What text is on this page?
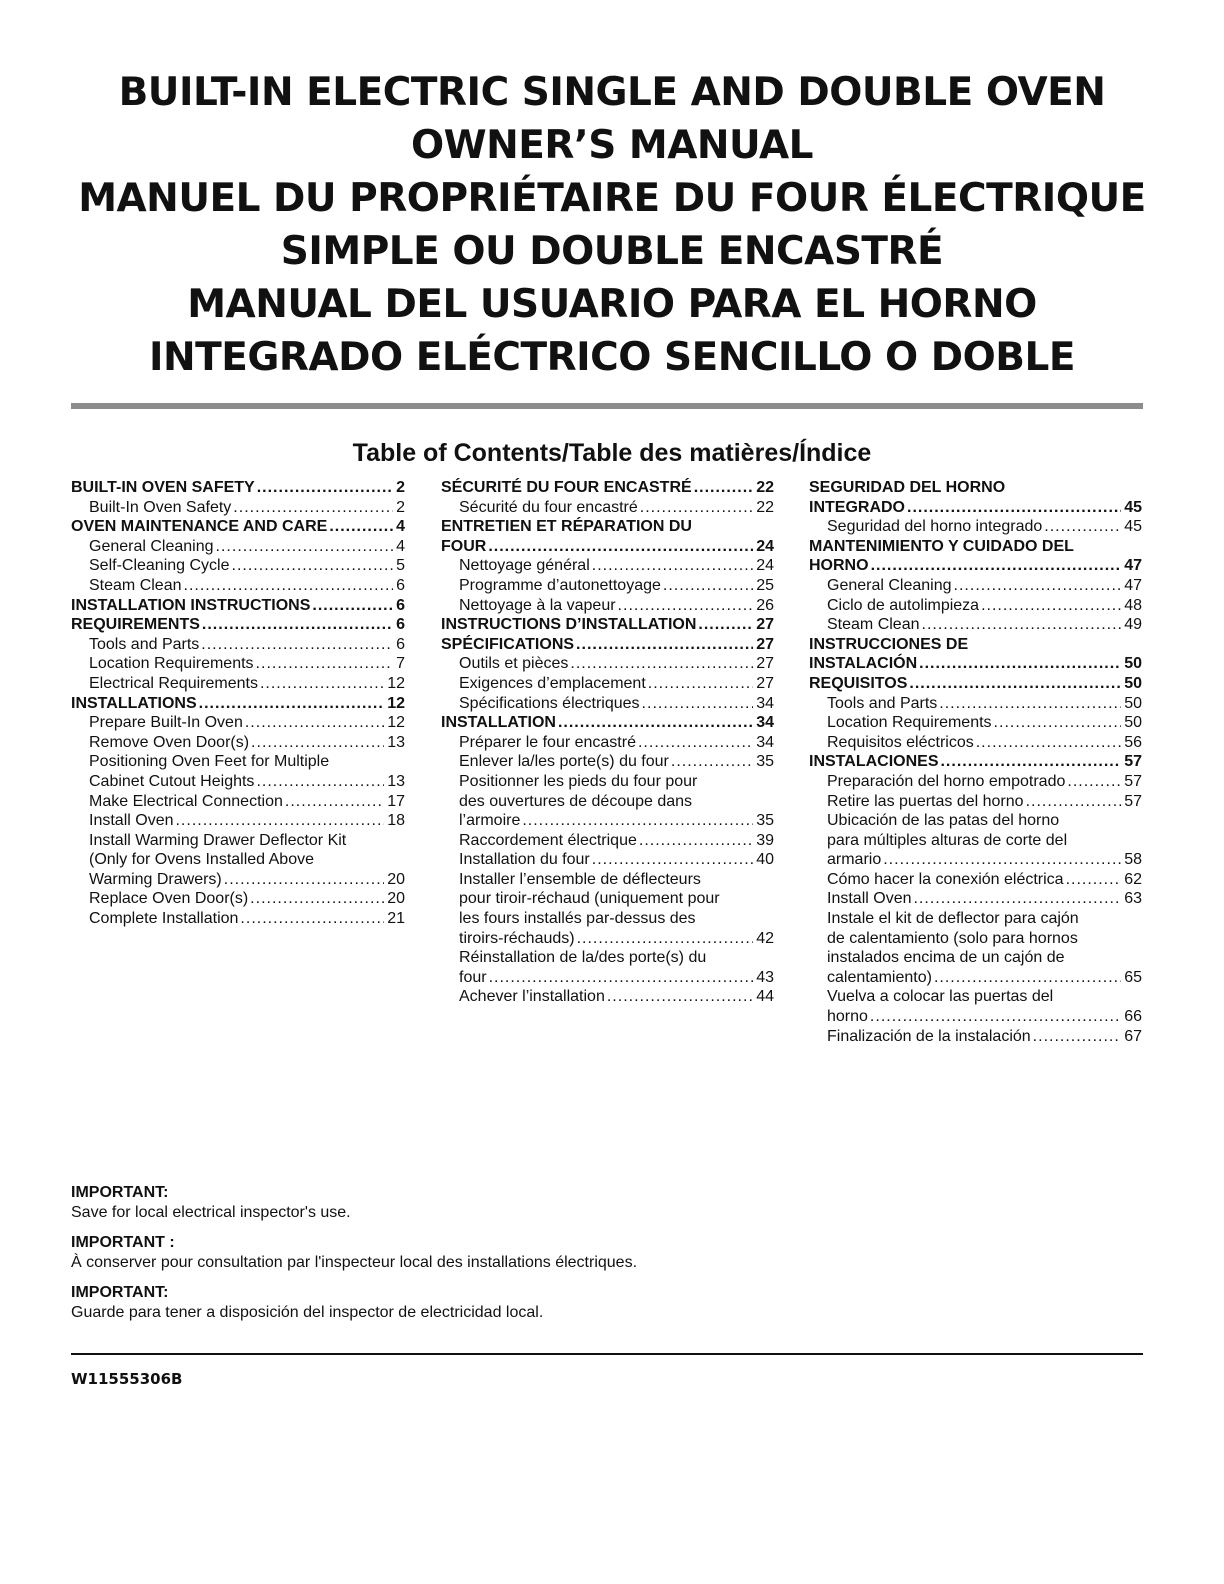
BUILT-IN ELECTRIC SINGLE AND DOUBLE OVEN
OWNER’S MANUAL
MANUEL DU PROPRIÉTAIRE DU FOUR ÉLECTRIQUE
SIMPLE OU DOUBLE ENCASTRÉ
MANUAL DEL USUARIO PARA EL HORNO
INTEGRADO ELÉCTRICO SENCILLO O DOBLE
Table of Contents/Table des matières/Índice
BUILT-IN OVEN SAFETY .....	2
Built-In Oven Safety .....	2
OVEN MAINTENANCE AND CARE .....	4
General Cleaning .....	4
Self-Cleaning Cycle .....	5
Steam Clean .....	6
INSTALLATION INSTRUCTIONS .....	6
REQUIREMENTS .....	6
Tools and Parts .....	6
Location Requirements .....	7
Electrical Requirements .....	12
INSTALLATIONS .....	12
Prepare Built-In Oven .....	12
Remove Oven Door(s) .....	13
Positioning Oven Feet for Multiple
Cabinet Cutout Heights .....	13
Make Electrical Connection .....	17
Install Oven .....	18
Install Warming Drawer Deflector Kit
(Only for Ovens Installed Above
Warming Drawers) .....	20
Replace Oven Door(s) .....	20
Complete Installation .....	21
SÉCURITÉ DU FOUR ENCASTRÉ .....	22
Sécurité du four encastré .....	22
ENTRETIEN ET RÉPARATION DU
FOUR .....	24
Nettoyage général .....	24
Programme d’autonettoyage .....	25
Nettoyage à la vapeur .....	26
INSTRUCTIONS D’INSTALLATION .....	27
SPÉCIFICATIONS .....	27
Outils et pièces .....	27
Exigences d’emplacement .....	27
Spécifications électriques .....	34
INSTALLATION .....	34
Préparer le four encastré .....	34
Enlever la/les porte(s) du four .....	35
Positionner les pieds du four pour
des ouvertures de découpe dans
l’armoire .....	35
Raccordement électrique .....	39
Installation du four .....	40
Installer l’ensemble de déflecteurs
pour tiroir-réchaud (uniquement pour
les fours installés par-dessus des
tiroirs-réchauds) .....	42
Réinstallation de la/des porte(s) du
four .....	43
Achever l’installation .....	44
SEGURIDAD DEL HORNO
INTEGRADO .....	45
Seguridad del horno integrado .....	45
MANTENIMIENTO Y CUIDADO DEL
HORNO .....	47
General Cleaning .....	47
Ciclo de autolimpieza .....	48
Steam Clean .....	49
INSTRUCCIONES DE
INSTALACIÓN .....	50
REQUISITOS .....	50
Tools and Parts .....	50
Location Requirements .....	50
Requisitos eléctricos .....	56
INSTALACIONES .....	57
Preparación del horno empotrado .....	57
Retire las puertas del horno .....	57
Ubicación de las patas del horno
para múltiples alturas de corte del
armario .....	58
Cómo hacer la conexión eléctrica .....	62
Install Oven .....	63
Instale el kit de deflector para cajón
de calentamiento (solo para hornos
instalados encima de un cajón de
calentamiento) .....	65
Vuelva a colocar las puertas del
horno .....	66
Finalización de la instalación .....	67
IMPORTANT:
Save for local electrical inspector's use.
IMPORTANT :
À conserver pour consultation par l'inspecteur local des installations électriques.
IMPORTANT:
Guarde para tener a disposición del inspector de electricidad local.
W11555306B
